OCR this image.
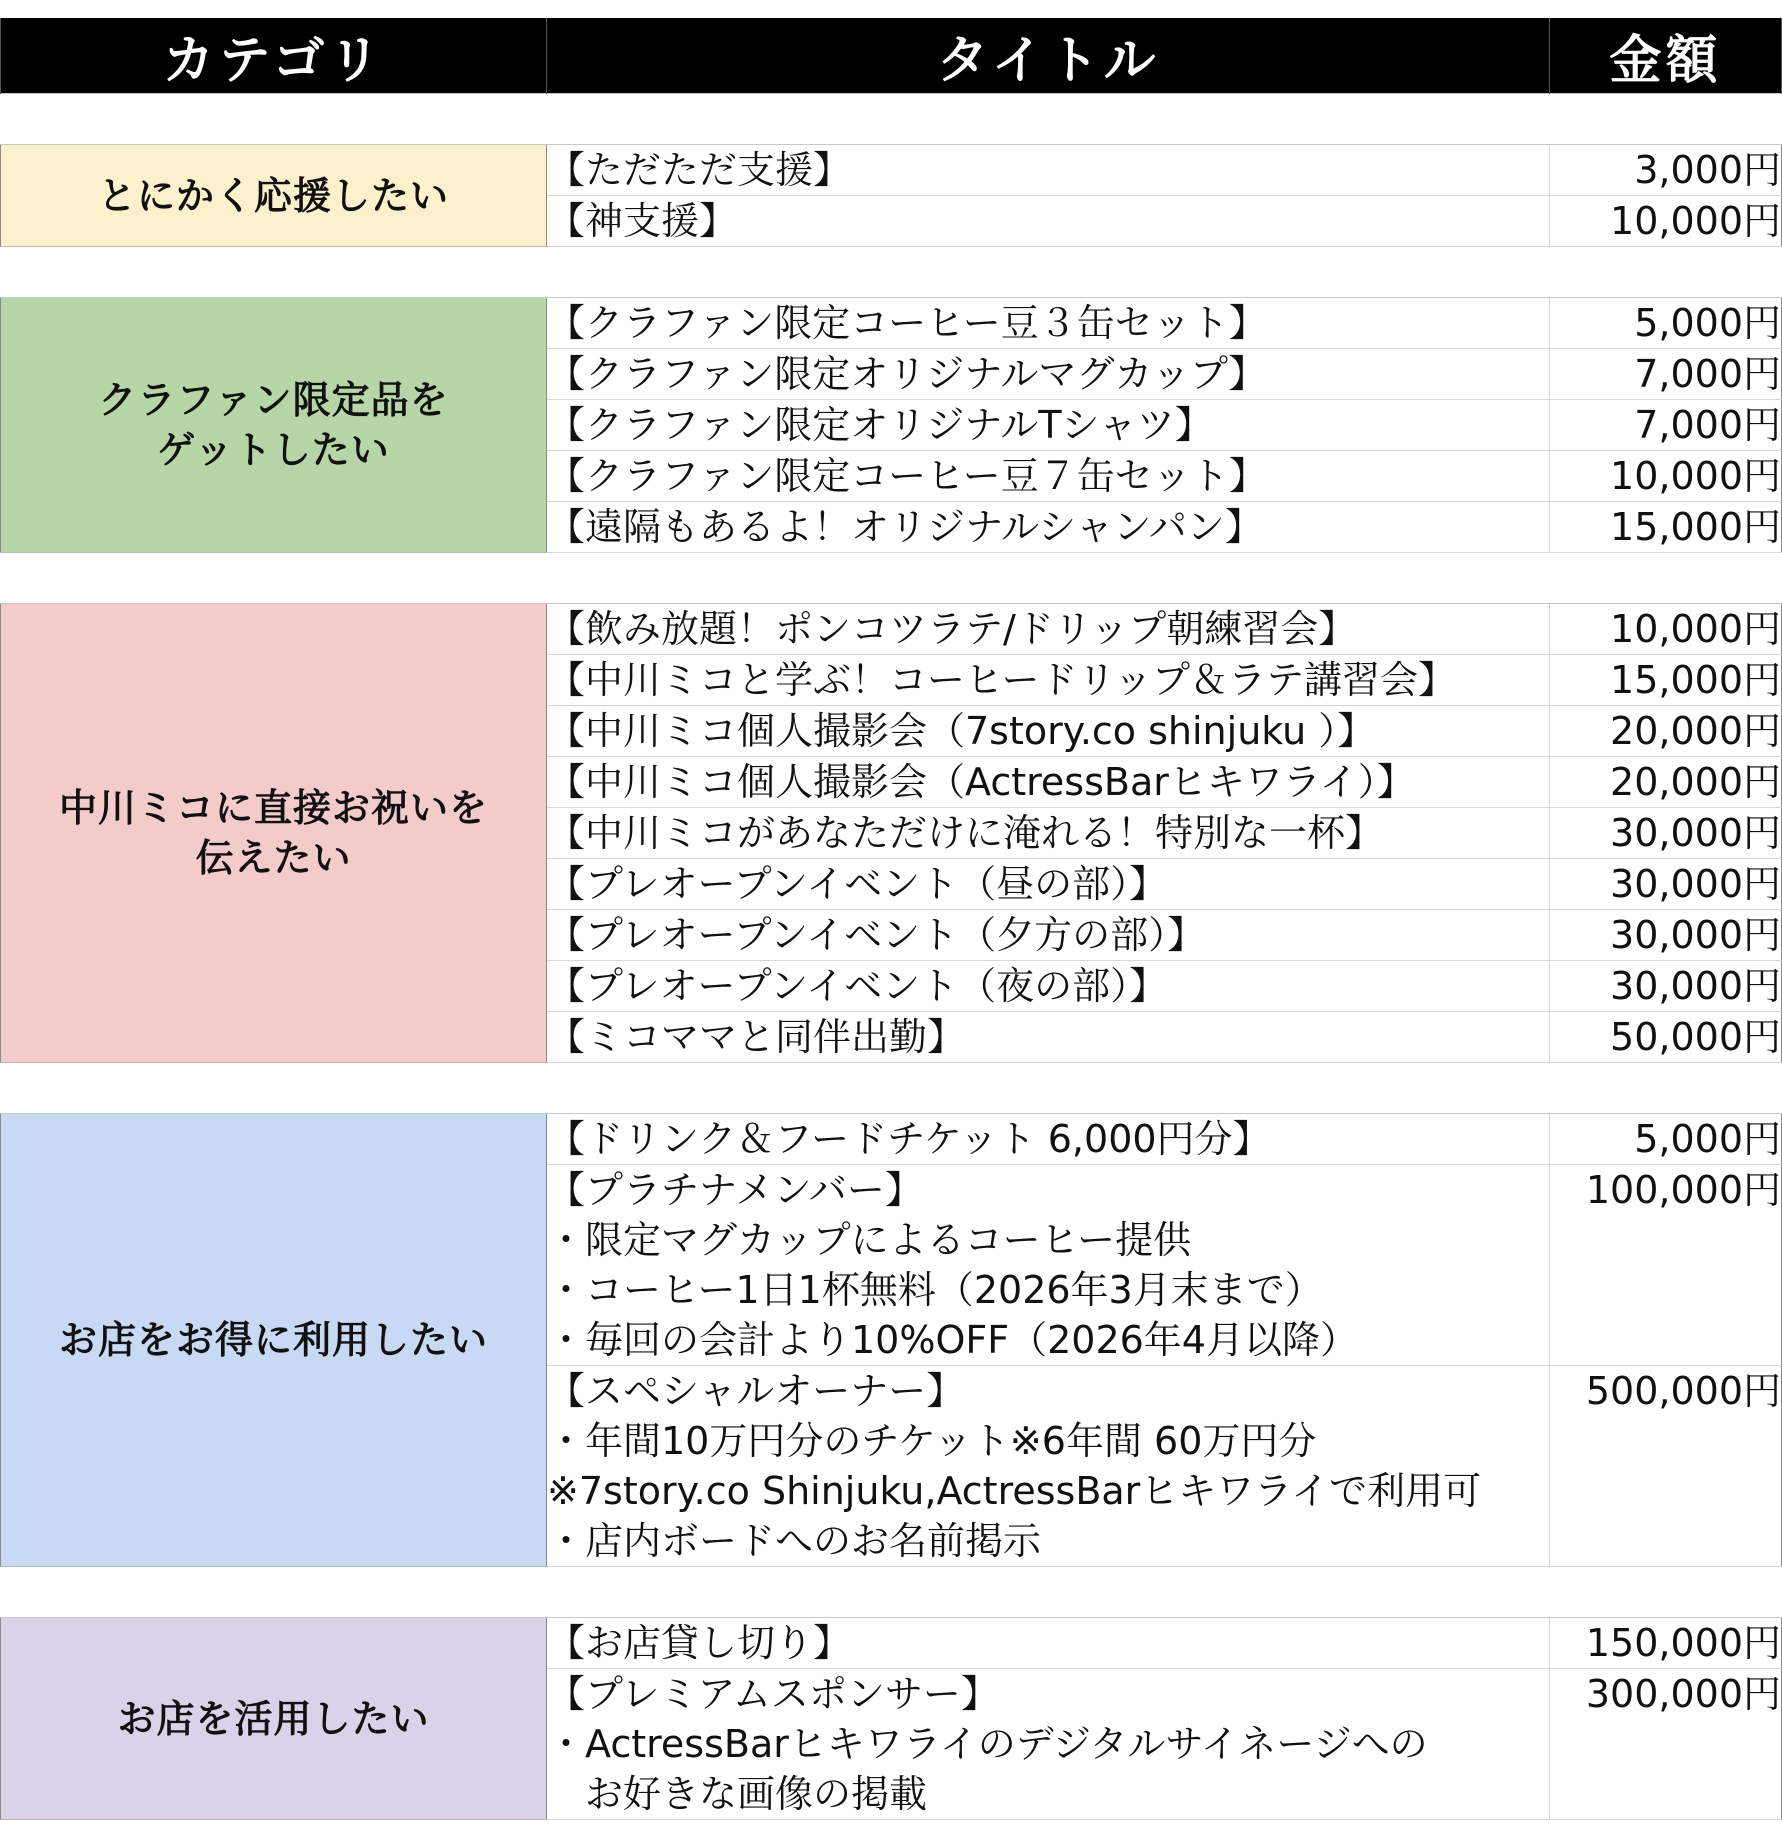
カテゴリ	タイトル	金額

とにかく応援したい	【ただただ支援】	3,000円

	【神支援】	10,000円

クラファン限定品を
ゲットしたい	【クラファン限定コーヒー豆３缶セット】	5,000円

	【クラファン限定オリジナルマグカップ】	7,000円

	【クラファン限定オリジナルTシャツ】	7,000円

	【クラファン限定コーヒー豆７缶セット】	10,000円

	【遠隔もあるよ！オリジナルシャンパン】	15,000円

中川ミコに直接お祝いを
伝えたい	【飲み放題！ポンコツラテ/ドリップ朝練習会】	10,000円

	【中川ミコと学ぶ！コーヒードリップ＆ラテ講習会】	15,000円

	【中川ミコ個人撮影会（7story.co shinjuku ）】	20,000円

	【中川ミコ個人撮影会（ActressBarヒキワライ）】	20,000円

	【中川ミコがあなただけに淹れる！特別な一杯】	30,000円

	【プレオープンイベント（昼の部）】	30,000円

	【プレオープンイベント（夕方の部）】	30,000円

	【プレオープンイベント（夜の部）】	30,000円

	【ミコママと同伴出勤】	50,000円

お店をお得に利用したい	【ドリンク＆フードチケット 6,000円分】	5,000円

	【プラチナメンバー】
・限定マグカップによるコーヒー提供
・コーヒー1日1杯無料（2026年3月末まで）
・毎回の会計より10%OFF（2026年4月以降）	100,000円

	【スペシャルオーナー】
・年間10万円分のチケット※6年間 60万円分
※7story.co Shinjuku,ActressBarヒキワライで利用可
・店内ボードへのお名前掲示	500,000円

お店を活用したい	【お店貸し切り】	150,000円

	【プレミアムスポンサー】
・ActressBarヒキワライのデジタルサイネージへの
　お好きな画像の掲載	300,000円
